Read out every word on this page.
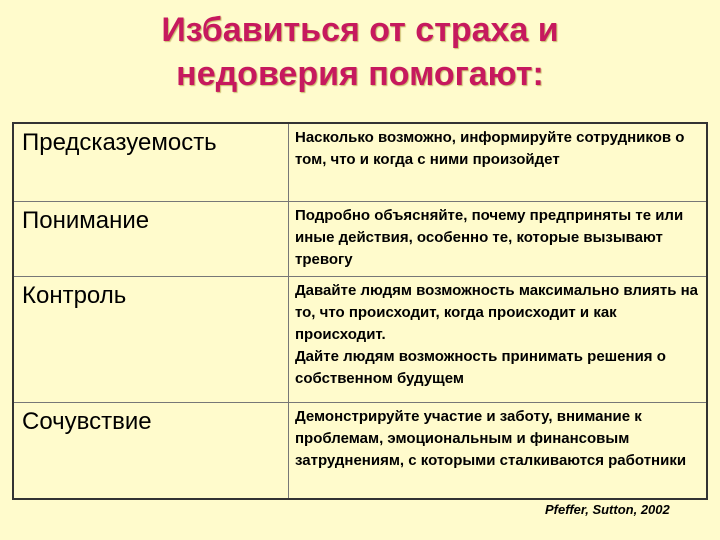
Избавиться от страха и
недоверия помогают:
Предсказуемость	Насколько возможно, информируйте сотрудников о том, что и когда с ними произойдет
Понимание	Подробно объясняйте, почему предприняты те или иные действия, особенно те, которые вызывают тревогу
Контроль	Давайте людям возможность максимально влиять на то, что происходит, когда происходит и как происходит.
Дайте людям возможность принимать решения о собственном будущем

Сочувствие	Демонстрируйте участие и заботу, внимание к проблемам, эмоциональным и финансовым затруднениям, с которыми сталкиваются работники
Pfeffer, Sutton, 2002
